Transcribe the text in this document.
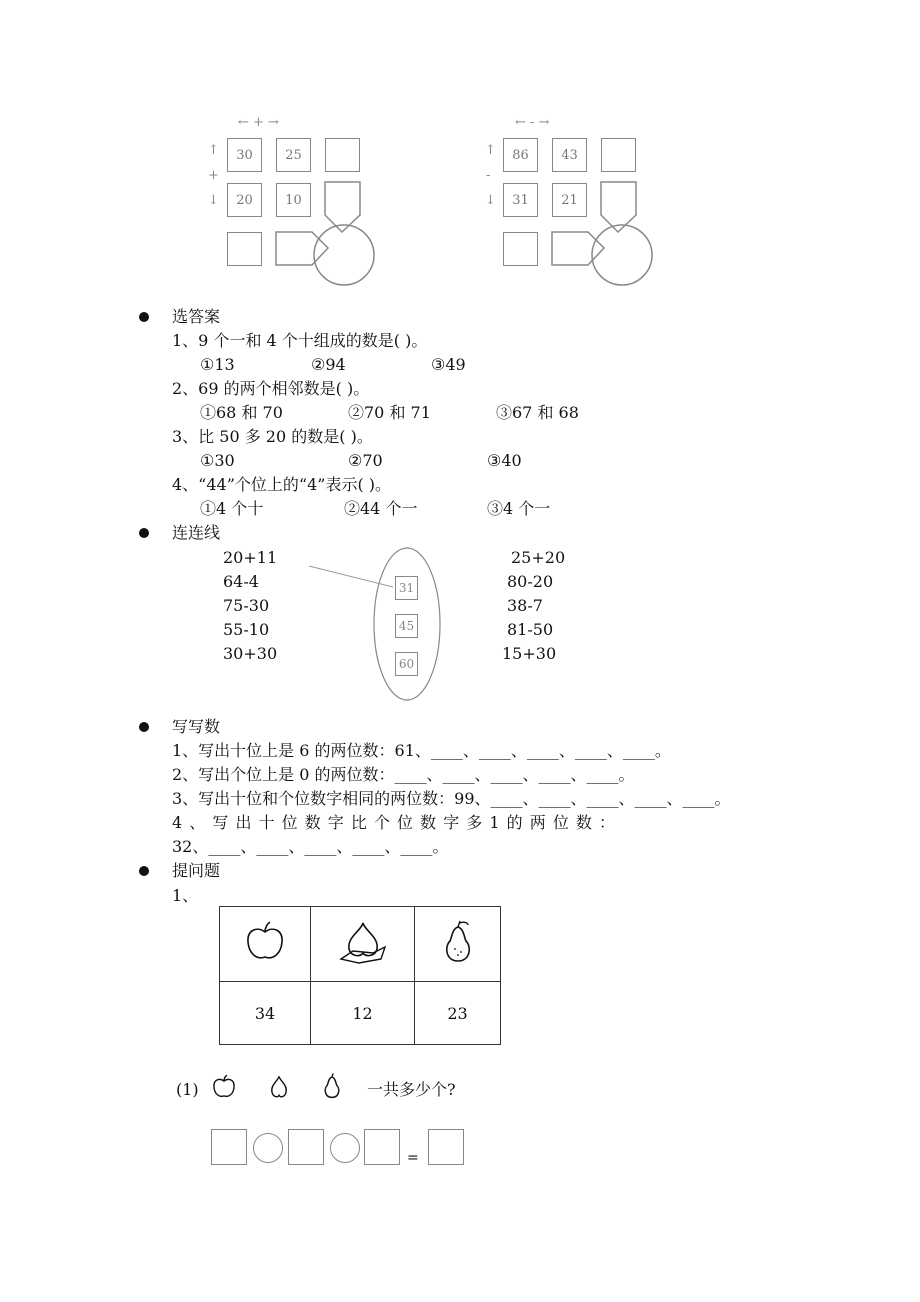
← + →
↑
+
↓
30	25
20	10
← - →
↑
-
↓
86	43
31	21
选答案
1、9 个一和 4 个十组成的数是( )。
①13	②94	③49
2、69 的两个相邻数是( )。
①68 和 70	②70 和 71	③67 和 68
3、比 50 多 20 的数是( )。
①30	②70	③40
4、“44”个位上的“4”表示( )。
①4 个十	②44 个一	③4 个一
连连线
20+11
64-4
75-30
55-10
30+30
31
45
60
25+20
80-20
38-7
81-50
15+30
写写数
1、写出十位上是 6 的两位数：61、____、____、____、____、____。
2、写出个位上是 0 的两位数：____、____、____、____、____。
3、写出十位和个位数字相同的两位数：99、____、____、____、____、____。
4 、 写 出 十 位 数 字 比 个 位 数 字 多 1 的 两 位 数 ：
32、____、____、____、____、____。
提问题
1、

34	12	23
(1)	一共多少个?
=
